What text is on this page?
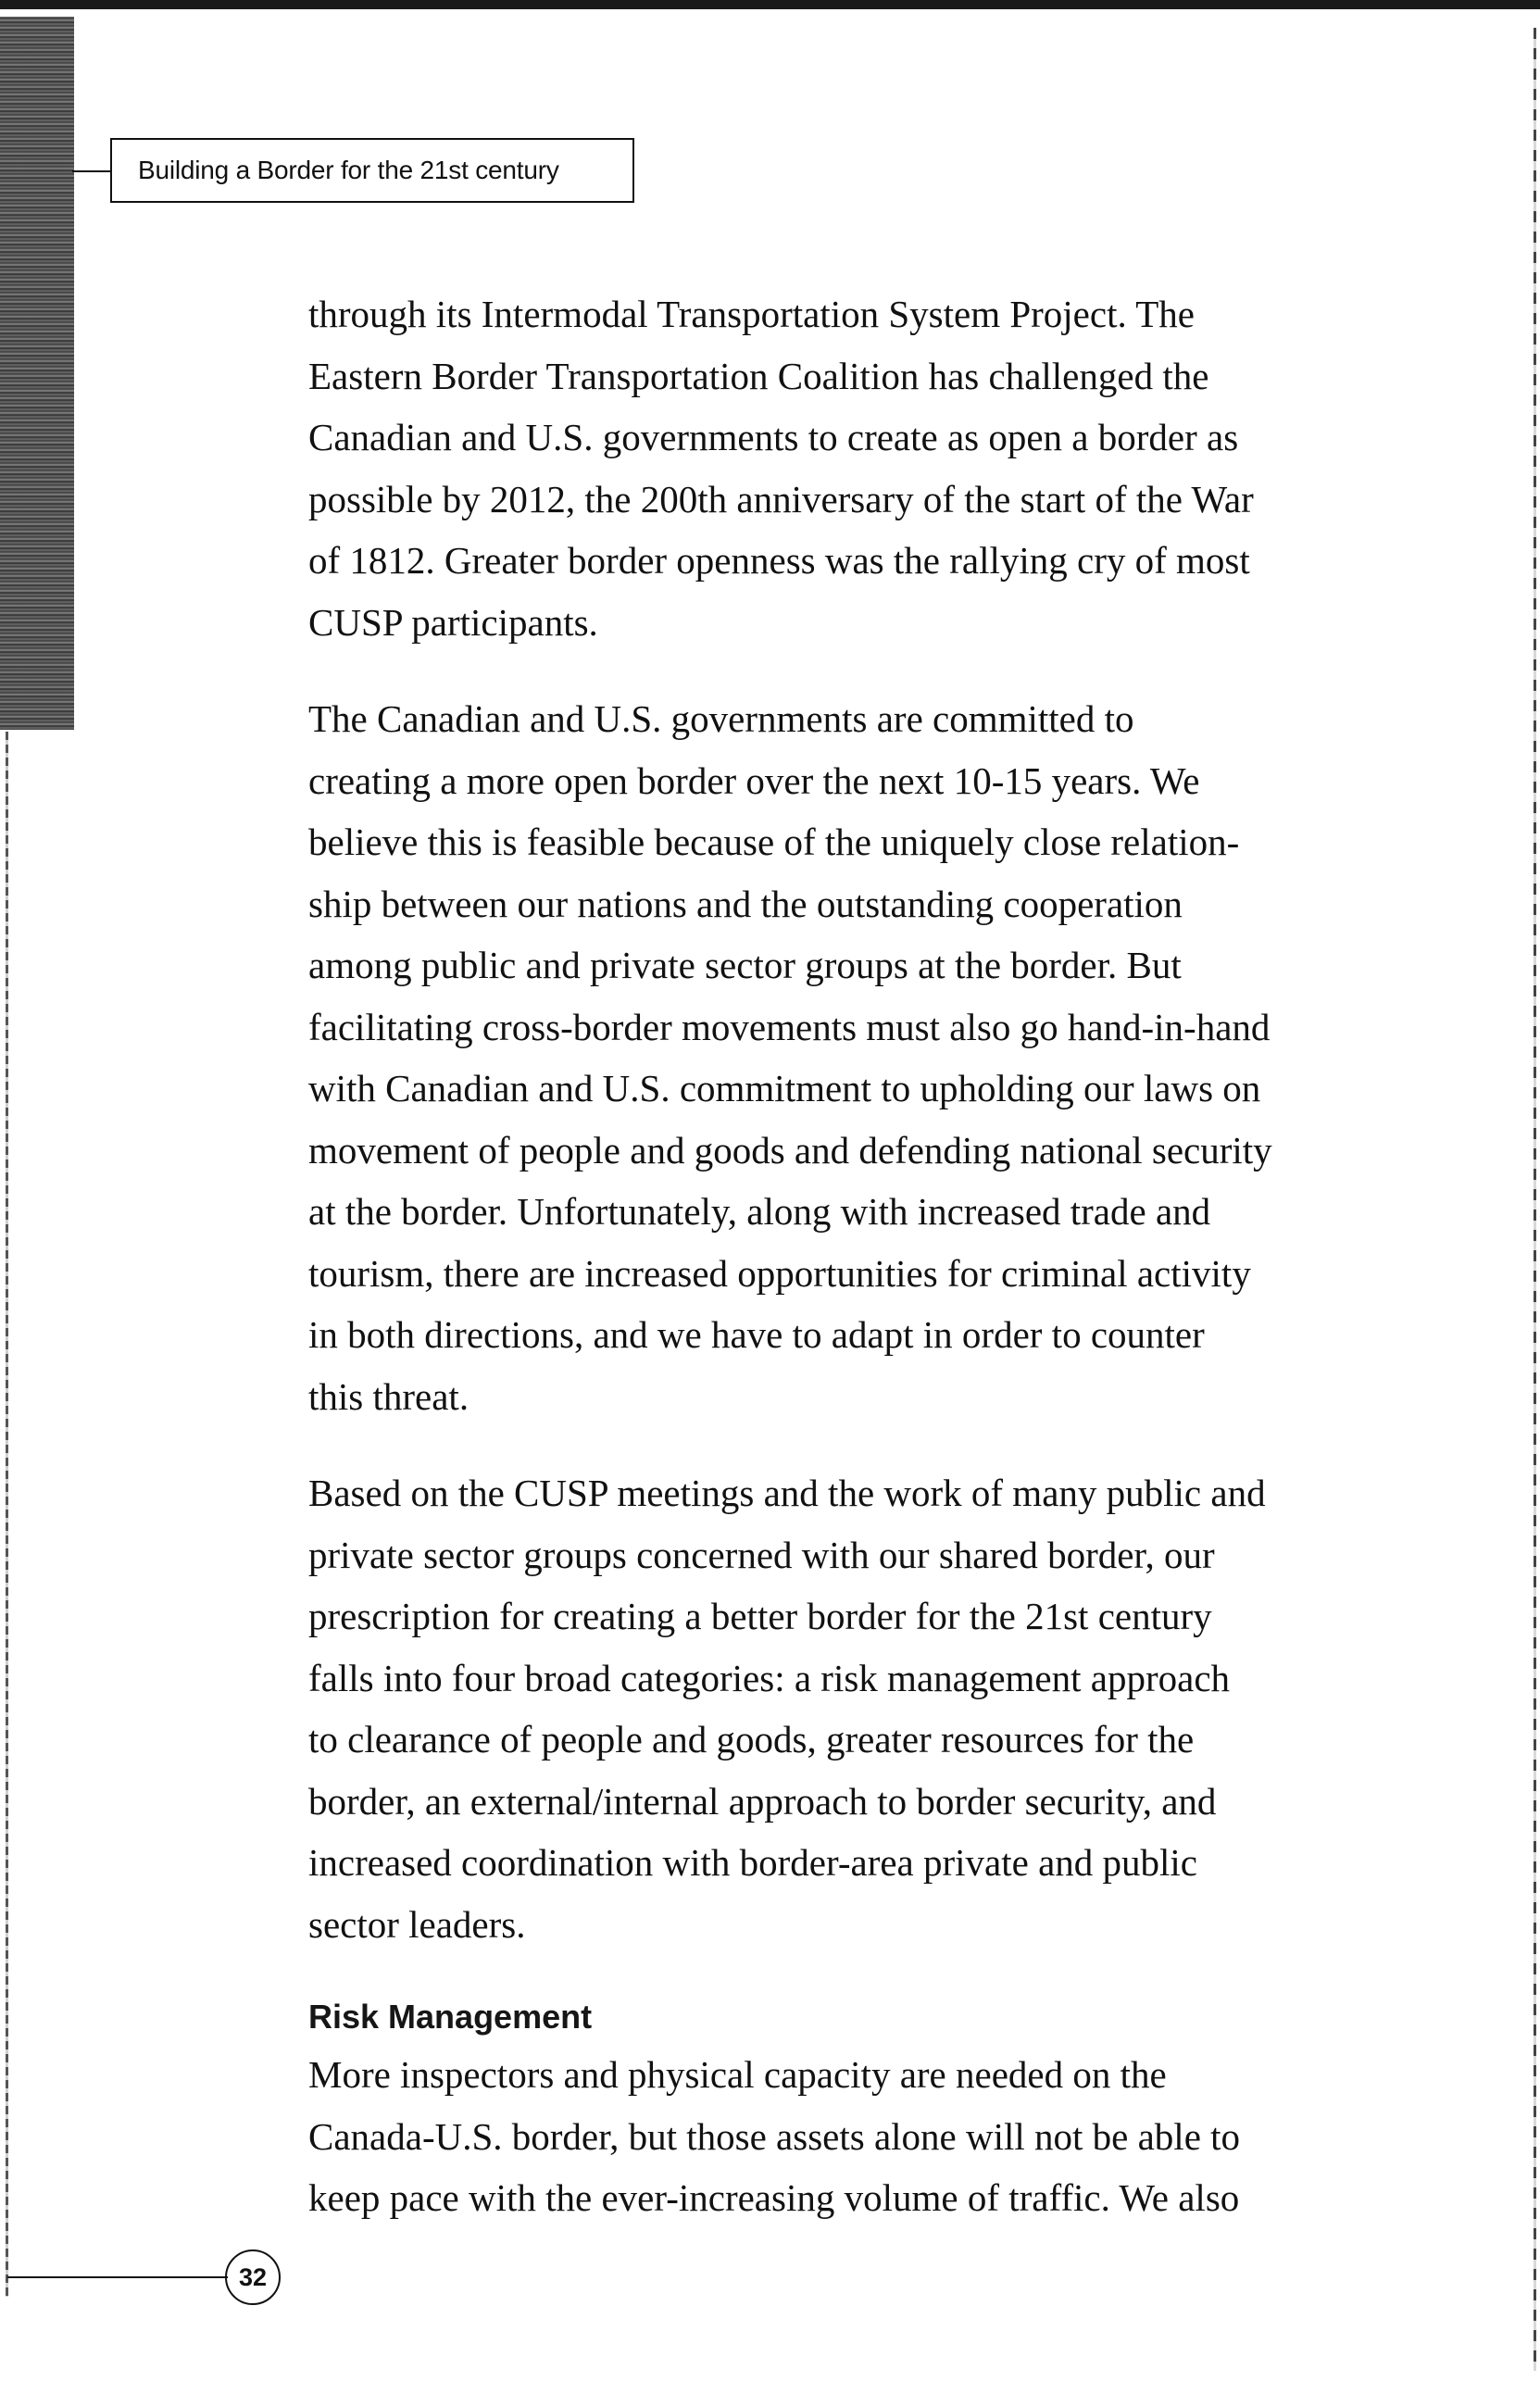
Building a Border for the 21st century

through its Intermodal Transportation System Project. The
Eastern Border Transportation Coalition has challenged the
Canadian and U.S. governments to create as open a border as
possible by 2012, the 200th anniversary of the start of the War
of 1812. Greater border openness was the rallying cry of most
CUSP participants.

The Canadian and U.S. governments are committed to
creating a more open border over the next 10-15 years. We
believe this is feasible because of the uniquely close relation-
ship between our nations and the outstanding cooperation
among public and private sector groups at the border. But
facilitating cross-border movements must also go hand-in-hand
with Canadian and U.S. commitment to upholding our laws on
movement of people and goods and defending national security
at the border. Unfortunately, along with increased trade and
tourism, there are increased opportunities for criminal activity
in both directions, and we have to adapt in order to counter
this threat.

Based on the CUSP meetings and the work of many public and
private sector groups concerned with our shared border, our
prescription for creating a better border for the 21st century
falls into four broad categories: a risk management approach
to clearance of people and goods, greater resources for the
border, an external/internal approach to border security, and
increased coordination with border-area private and public
sector leaders.

Risk Management

More inspectors and physical capacity are needed on the
Canada-U.S. border, but those assets alone will not be able to
keep pace with the ever-increasing volume of traffic. We also

32
